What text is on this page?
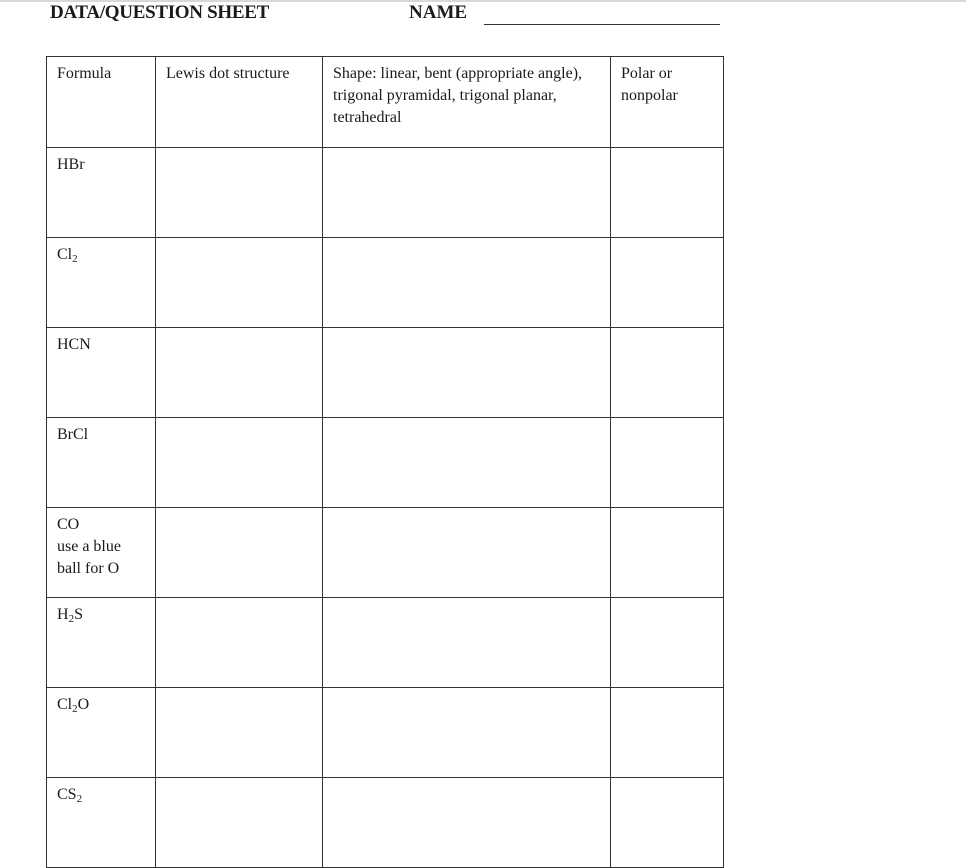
DATA/QUESTION SHEET	NAME
Formula	Lewis dot structure	Shape: linear, bent (appropriate angle), trigonal pyramidal, trigonal planar, tetrahedral	Polar or nonpolar

HBr			

$Cl_2$

HCN			

BrCl			

CO
use a blue ball for O			

$H_2S$			

$Cl_2O$			

$CS_2$
